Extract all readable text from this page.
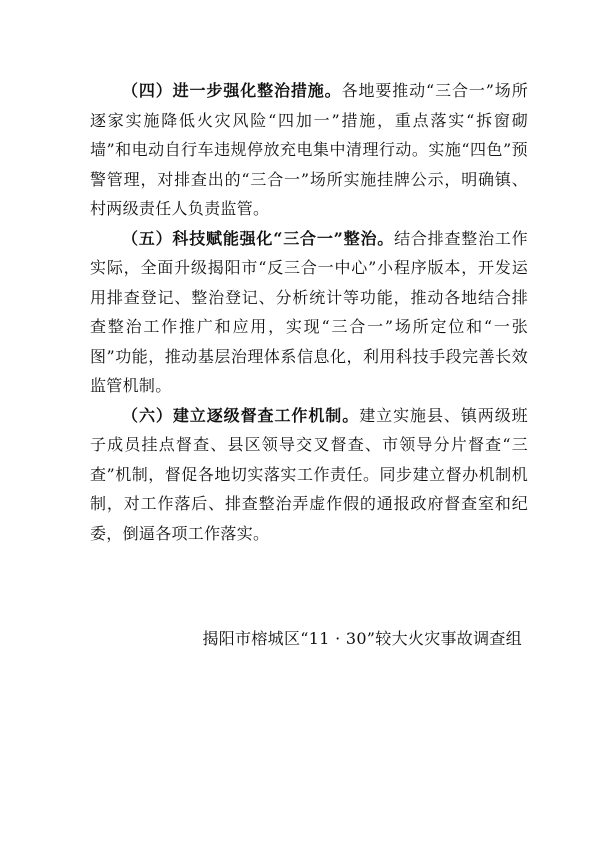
（四）进一步强化整治措施。各地要推动“三合一”场所逐家实施降低火灾风险“四加一”措施，重点落实“拆窗砌墙”和电动自行车违规停放充电集中清理行动。实施“四色”预警管理，对排查出的“三合一”场所实施挂牌公示，明确镇、村两级责任人负责监管。

（五）科技赋能强化“三合一”整治。结合排查整治工作实际，全面升级揭阳市“反三合一中心”小程序版本，开发运用排查登记、整治登记、分析统计等功能，推动各地结合排查整治工作推广和应用，实现“三合一”场所定位和“一张图”功能，推动基层治理体系信息化，利用科技手段完善长效监管机制。

（六）建立逐级督查工作机制。建立实施县、镇两级班子成员挂点督查、县区领导交叉督查、市领导分片督查“三查”机制，督促各地切实落实工作责任。同步建立督办机制机制，对工作落后、排查整治弄虚作假的通报政府督查室和纪委，倒逼各项工作落实。

揭阳市榕城区“11 · 30”较大火灾事故调查组
